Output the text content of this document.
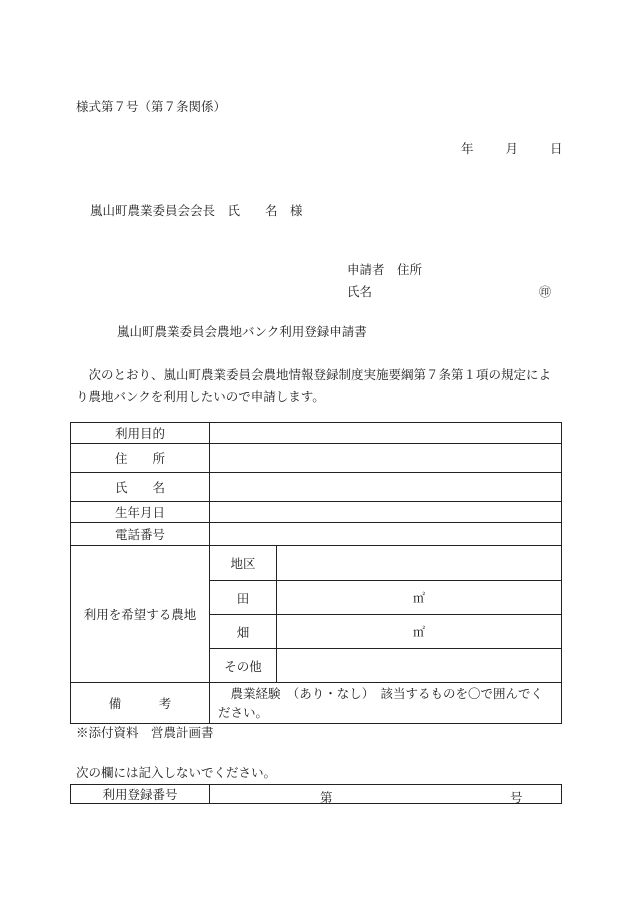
様式第７号（第７条関係）
年	月	日
嵐山町農業委員会会長　氏　　名　様
申請者　住所
氏名	㊞
嵐山町農業委員会農地バンク利用登録申請書
　次のとおり、嵐山町農業委員会農地情報登録制度実施要綱第７条第１項の規定により農地バンクを利用したいので申請します。
利用目的		
住　　所		
氏　　名		
生年月日		
電話番号		
利用を希望する農地	地区	
	田	㎡
	畑	㎡
	その他	
備　　　考	　農業経験　（あり・なし）　該当するものを〇で囲んでください。	
※添付資料　営農計画書
次の欄には記入しないでください。
利用登録番号	第	号
